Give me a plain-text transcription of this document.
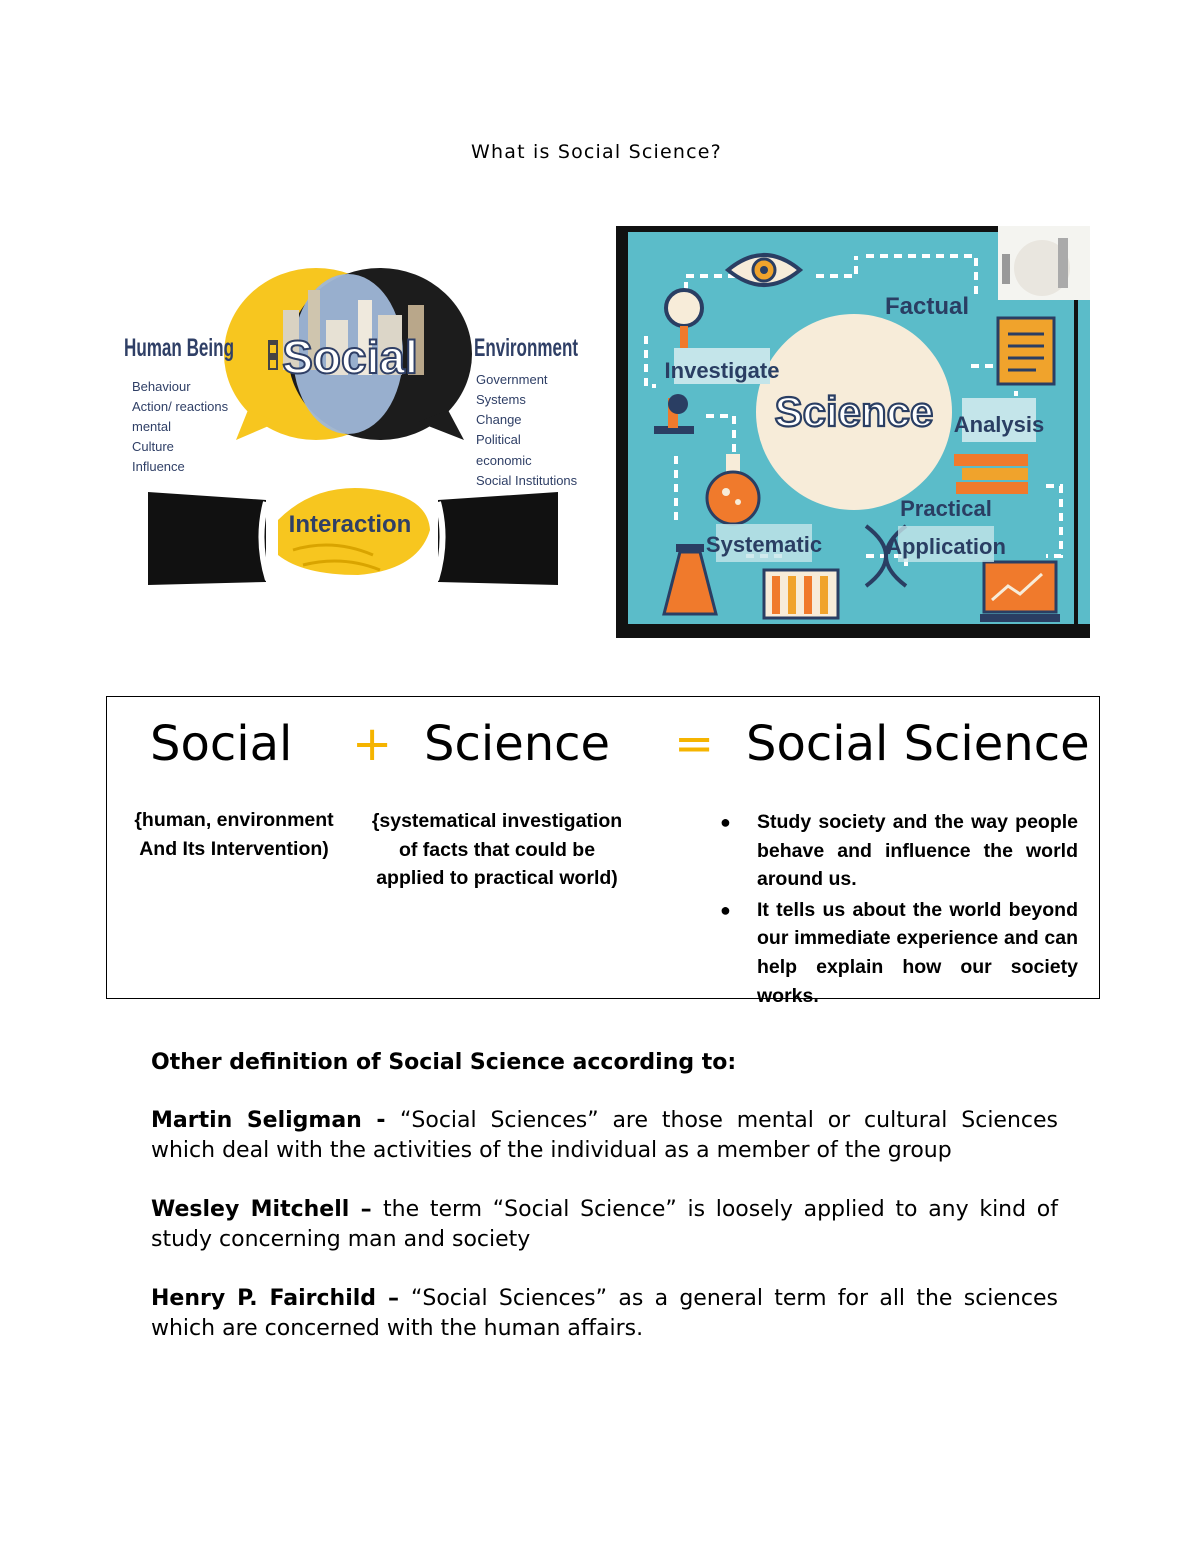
What is Social Science?
Social
Human Being
Behaviour
Action/ reactions
mental
Culture
Influence
Environment
Government
Systems
Change
Political
economic
Social Institutions
Interaction
Science
Factual
Investigate
Analysis
Practical
Application
Systematic
Social + Science = Social Science
{human, environment
And Its Intervention)
{systematical investigation
of facts that could be
applied to practical world)
● Study society and the way people behave and influence the world around us.
● It tells us about the world beyond our immediate experience and can help explain how our society works.
Other definition of Social Science according to:
Martin Seligman - “Social Sciences” are those mental or cultural Sciences which deal with the activities of the individual as a member of the group
Wesley Mitchell – the term “Social Science” is loosely applied to any kind of study concerning man and society
Henry P. Fairchild – “Social Sciences” as a general term for all the sciences which are concerned with the human affairs.
